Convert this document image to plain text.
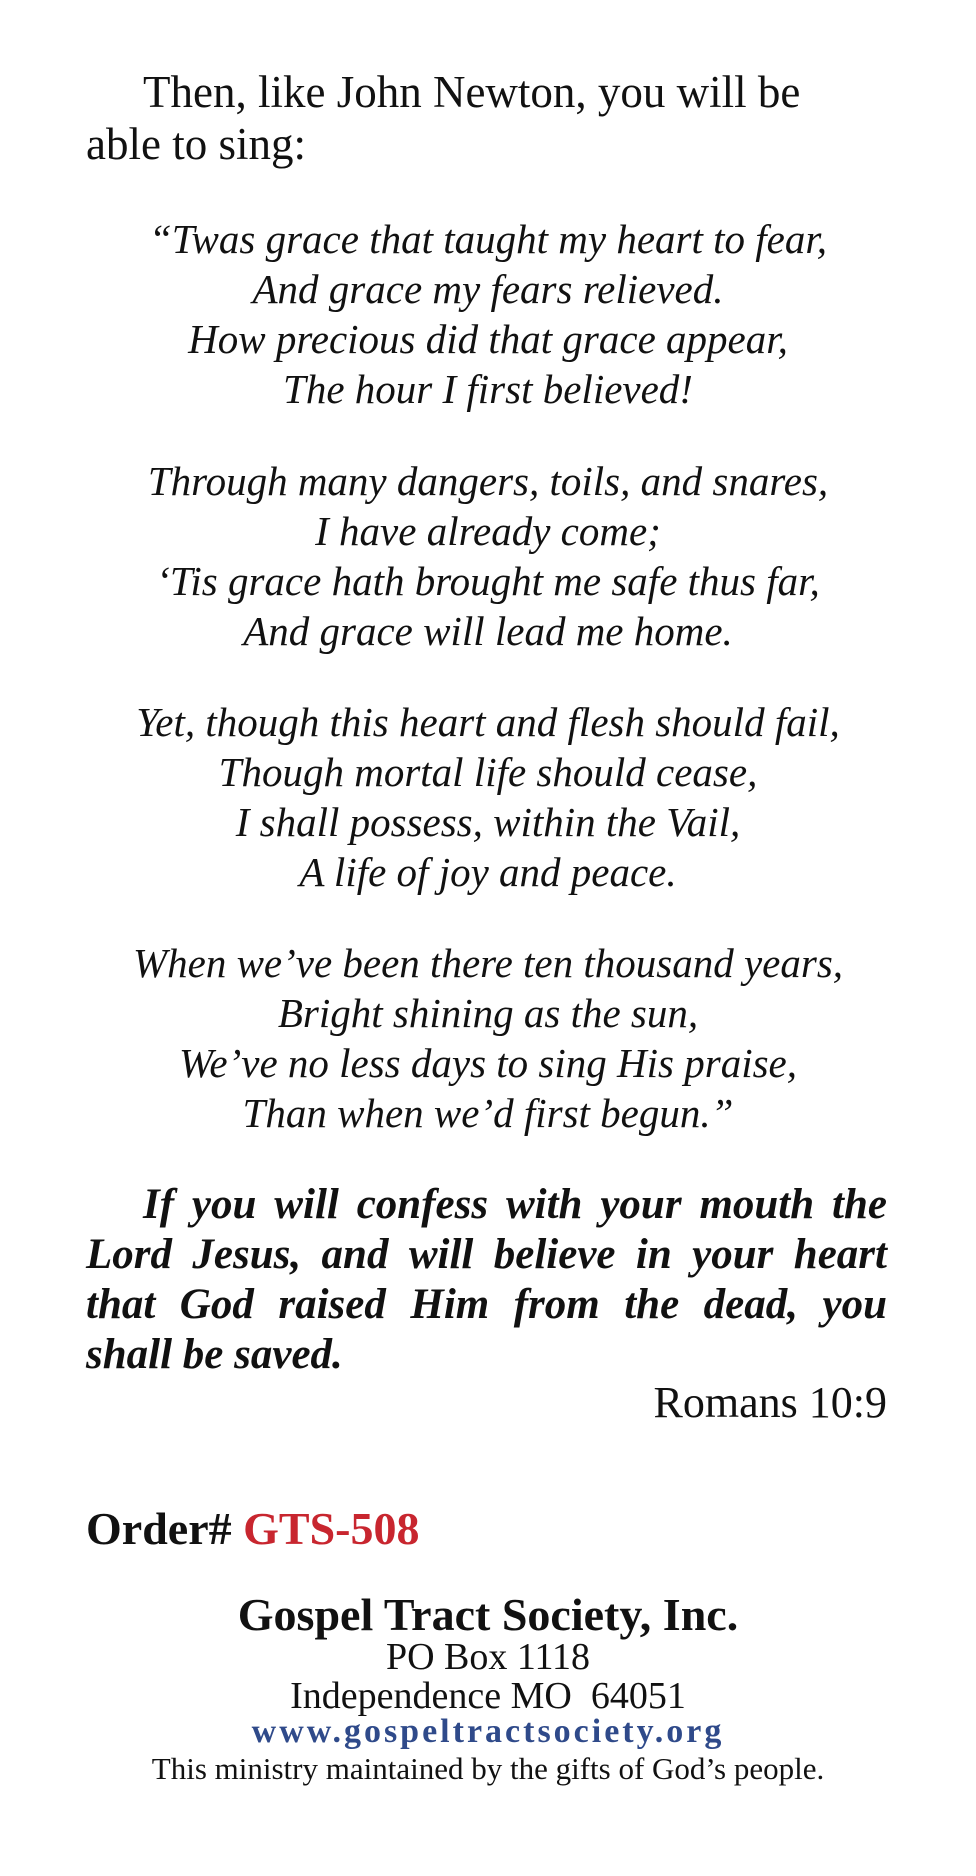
Then, like John Newton, you will be able to sing:

“Twas grace that taught my heart to fear,
And grace my fears relieved.
How precious did that grace appear,
The hour I first believed!
Through many dangers, toils, and snares,
I have already come;
‘Tis grace hath brought me safe thus far,
And grace will lead me home.
Yet, though this heart and flesh should fail,
Though mortal life should cease,
I shall possess, within the Vail,
A life of joy and peace.
When we’ve been there ten thousand years,
Bright shining as the sun,
We’ve no less days to sing His praise,
Than when we’d first begun.”

If you will confess with your mouth the Lord Jesus, and will believe in your heart that God raised Him from the dead, you shall be saved.

Romans 10:9

Order# GTS-508

Gospel Tract Society, Inc.

PO Box 1118

Independence MO  64051

www.gospeltractsociety.org

This ministry maintained by the gifts of God’s people.
